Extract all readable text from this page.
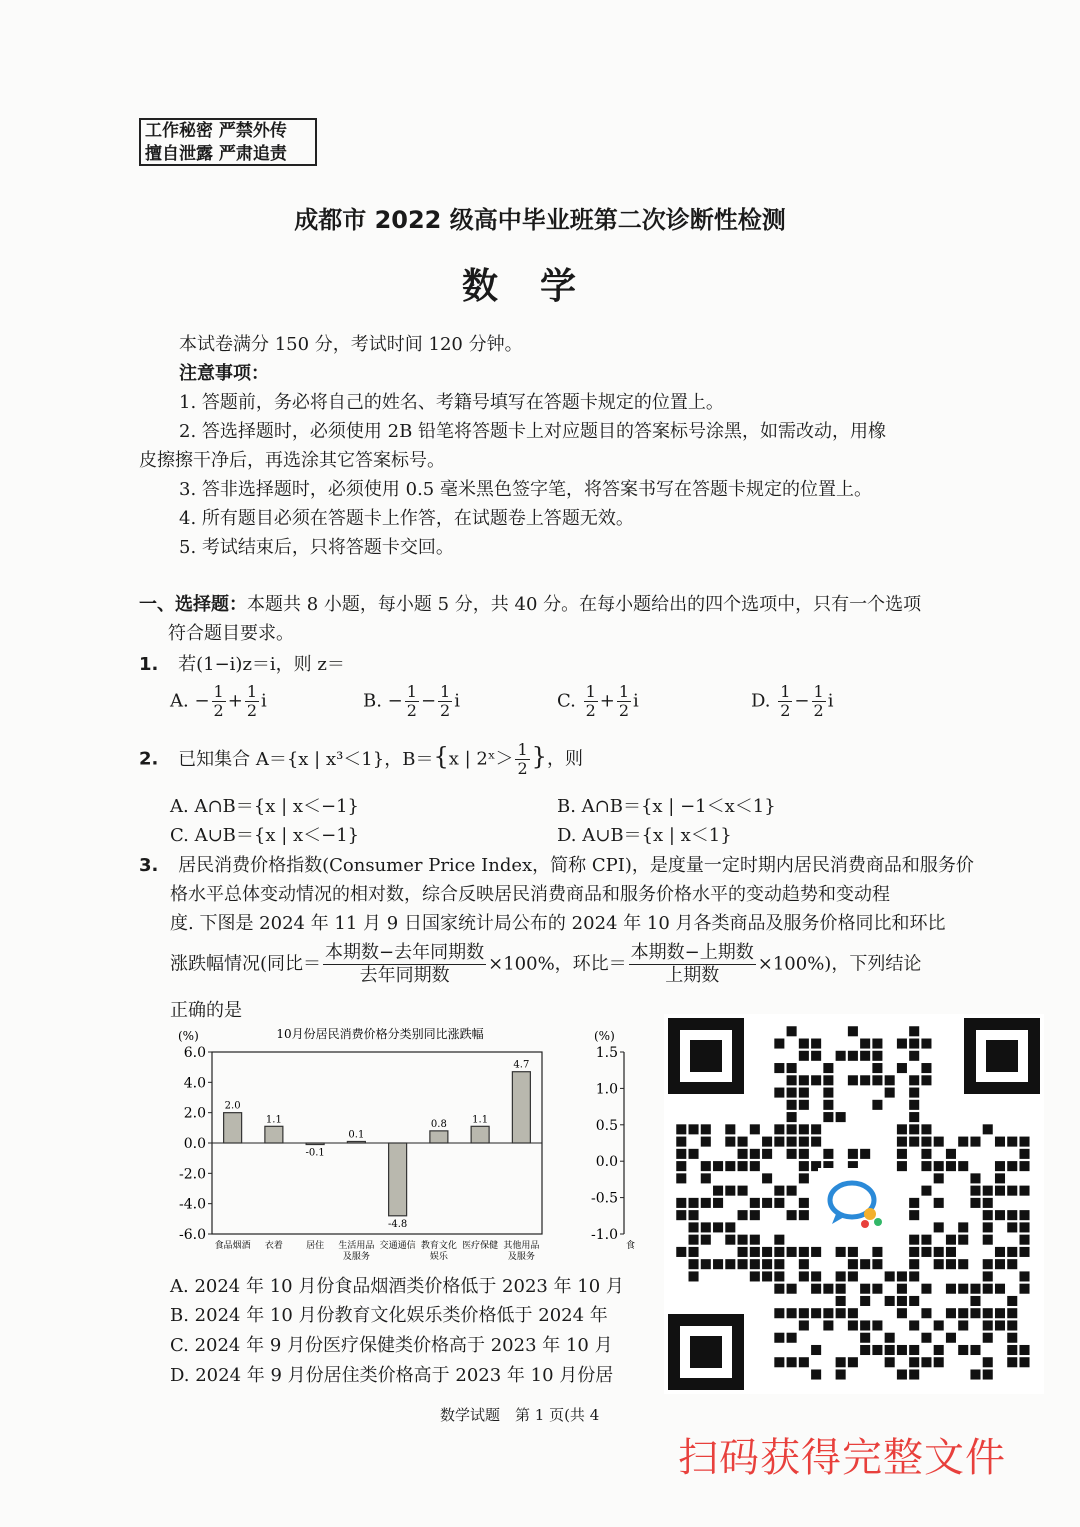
工作秘密 严禁外传
擅自泄露 严肃追责
成都市 2022 级高中毕业班第二次诊断性检测
数学
本试卷满分 150 分，考试时间 120 分钟。
注意事项：
1. 答题前，务必将自己的姓名、考籍号填写在答题卡规定的位置上。
2. 答选择题时，必须使用 2B 铅笔将答题卡上对应题目的答案标号涂黑，如需改动，用橡
皮擦擦干净后，再选涂其它答案标号。
3. 答非选择题时，必须使用 0.5 毫米黑色签字笔，将答案书写在答题卡规定的位置上。
4. 所有题目必须在答题卡上作答，在试题卷上答题无效。
5. 考试结束后，只将答题卡交回。
一、选择题：本题共 8 小题，每小题 5 分，共 40 分。在每小题给出的四个选项中，只有一个选项
符合题目要求。
1. 若(1−i)z＝i，则 z＝
A. − $\frac{1}{2} + \frac{1}{2}$ i	B. − $\frac{1}{2} - \frac{1}{2}$ i	C. $\frac{1}{2} + \frac{1}{2}$ i	D. $\frac{1}{2} - \frac{1}{2}$ i
2. 已知集合 A＝{x | x³＜1}，B＝{x | 2ˣ＞ $\frac{1}{2}$ }，则
A. A∩B＝{x | x＜−1}	B. A∩B＝{x | −1＜x＜1}
C. A∪B＝{x | x＜−1}	D. A∪B＝{x | x＜1}
3. 居民消费价格指数(Consumer Price Index，简称 CPI)，是度量一定时期内居民消费商品和服务价
格水平总体变动情况的相对数，综合反映居民消费商品和服务价格水平的变动趋势和变动程
度. 下图是 2024 年 11 月 9 日国家统计局公布的 2024 年 10 月各类商品及服务价格同比和环比
涨跌幅情况(同比＝ $\frac{\text{本期数−去年同期数}}{\text{去年同期数}} \times 100\%$，环比＝ $\frac{\text{本期数−上期数}}{\text{上期数}} \times 100\%$)，下列结论
正确的是
(%)	10月份居民消费价格分类别同比涨跌幅
6.0
4.0
2.0
0.0
-2.0
-4.0
-6.0
2.0
食品烟酒
1.1
衣着
-0.1
居住
0.1
生活用品
及服务
-4.8
交通通信
0.8
教育文化
娱乐
1.1
医疗保健
4.7
其他用品
及服务
(%)
1.5
1.0
0.5
0.0
-0.5
-1.0
食
A. 2024 年 10 月份食品烟酒类价格低于 2023 年 10 月
B. 2024 年 10 月份教育文化娱乐类价格低于 2024 年
C. 2024 年 9 月份医疗保健类价格高于 2023 年 10 月
D. 2024 年 9 月份居住类价格高于 2023 年 10 月份居
数学试题　第 1 页(共 4
扫码获得完整文件
